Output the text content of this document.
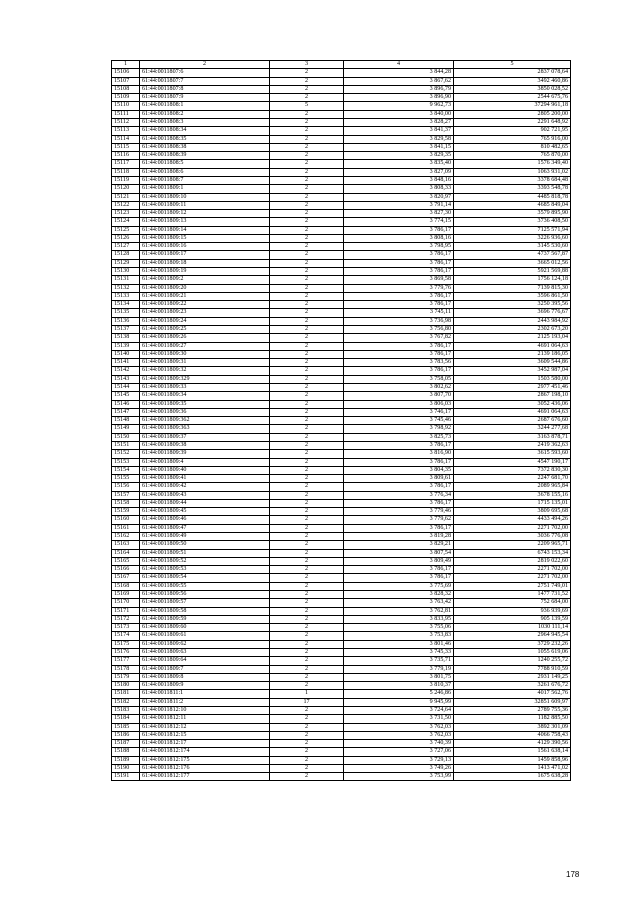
1	2	3	4	5
15106	61:44:0011807:6	2	3 844,28	2837 078,64
15107	61:44:0011807:7	2	3 867,62	3492 460,86
15108	61:44:0011807:8	2	3 896,79	3850 028,52
15109	61:44:0011807:9	2	3 896,90	2544 675,76
15110	61:44:0011808:1	5	9 962,73	37294 961,18
15111	61:44:0011808:2	2	3 840,00	2805 200,00
15112	61:44:0011808:3	2	3 828,27	2291 648,92
15113	61:44:0011808:34	2	3 841,37	902 721,95
15114	61:44:0011808:35	2	3 829,58	765 916,00
15115	61:44:0011808:38	2	3 841,15	810 482,65
15116	61:44:0011808:39	2	3 829,35	765 870,00
15117	61:44:0011808:5	2	3 835,40	1576 349,40
15118	61:44:0011808:6	2	3 827,09	1063 931,02
15119	61:44:0011808:7	2	3 848,16	3378 684,48
15120	61:44:0011809:1	2	3 808,33	3393 548,78
15121	61:44:0011809:10	2	3 820,97	4485 818,78
15122	61:44:0011809:11	2	3 791,14	4685 849,04
15123	61:44:0011809:12	2	3 827,30	3579 895,90
15124	61:44:0011809:13	2	3 774,15	3736 408,50
15125	61:44:0011809:14	2	3 786,17	7125 571,94
15126	61:44:0011809:15	2	3 808,16	3226 936,60
15127	61:44:0011809:16	2	3 798,95	3145 530,60
15128	61:44:0011809:17	2	3 786,17	4737 567,87
15129	61:44:0011809:18	2	3 786,17	3665 012,56
15130	61:44:0011809:19	2	3 786,17	5921 569,88
15131	61:44:0011809:2	2	3 869,58	1756 124,18
15132	61:44:0011809:20	2	3 779,76	7139 815,30
15133	61:44:0011809:21	2	3 786,17	3596 861,50
15134	61:44:0011809:22	2	3 786,17	3250 395,56
15135	61:44:0011809:23	2	3 745,11	3696 776,67
15136	61:44:0011809:24	2	3 736,98	2443 984,92
15137	61:44:0011809:25	2	3 756,80	2302 673,20
15138	61:44:0011809:26	2	3 767,82	2125 193,04
15139	61:44:0011809:27	2	3 786,17	4691 064,63
15140	61:44:0011809:30	2	3 786,17	2139 186,05
15141	61:44:0011809:31	2	3 783,56	3609 544,86
15142	61:44:0011809:32	2	3 786,17	3452 987,04
15143	61:44:0011809:329	2	3 758,05	1503 580,00
15144	61:44:0011809:33	2	3 802,62	2977 451,46
15145	61:44:0011809:34	2	3 807,70	2867 198,10
15146	61:44:0011809:35	2	3 806,03	3052 436,06
15147	61:44:0011809:36	2	3 746,17	4691 064,63
15148	61:44:0011809:362	2	3 745,46	2687 676,60
15149	61:44:0011809:363	2	3 798,92	3244 277,68
15150	61:44:0011809:37	2	3 825,73	3163 878,71
15151	61:44:0011809:38	2	3 786,17	2419 362,63
15152	61:44:0011809:39	2	3 816,90	3615 593,60
15153	61:44:0011809:4	2	3 786,17	4547 190,17
15154	61:44:0011809:40	2	3 804,35	7372 830,30
15155	61:44:0011809:41	2	3 809,61	2247 681,70
15156	61:44:0011809:42	2	3 786,17	2089 965,84
15157	61:44:0011809:43	2	3 776,34	3678 155,16
15158	61:44:0011809:44	2	3 786,17	1715 135,01
15159	61:44:0011809:45	2	3 779,46	3809 695,68
15160	61:44:0011809:46	2	3 779,62	4433 494,26
15161	61:44:0011809:47	2	3 786,17	2271 702,00
15162	61:44:0011809:49	2	3 819,28	3036 776,08
15163	61:44:0011809:50	2	3 829,21	2209 965,71
15164	61:44:0011809:51	2	3 807,54	6743 153,34
15165	61:44:0011809:52	2	3 809,49	2819 022,60
15166	61:44:0011809:53	2	3 786,17	2271 702,00
15167	61:44:0011809:54	2	3 786,17	2271 702,00
15168	61:44:0011809:55	2	3 775,69	2751 749,01
15169	61:44:0011809:56	2	3 828,32	1477 731,52
15170	61:44:0011809:57	2	3 763,42	752 684,00
15171	61:44:0011809:58	2	3 762,81	936 939,69
15172	61:44:0011809:59	2	3 833,95	905 139,59
15173	61:44:0011809:60	2	3 755,06	1030 111,14
15174	61:44:0011809:61	2	3 753,83	2964 945,54
15175	61:44:0011809:62	2	3 801,46	3729 232,26
15176	61:44:0011809:63	2	3 745,33	1055 619,06
15177	61:44:0011809:64	2	3 735,71	1240 255,72
15178	61:44:0011809:7	2	3 779,19	7788 910,59
15179	61:44:0011809:8	2	3 801,75	2931 149,25
15180	61:44:0011809:9	2	3 810,37	3261 676,72
15181	61:44:0011811:1	1	5 246,86	4017 562,76
15182	61:44:0011811:2	17	9 945,99	32851 609,97
15183	61:44:0011812:10	2	3 724,64	2789 755,36
15184	61:44:0011812:11	2	3 731,50	1182 885,50
15185	61:44:0011812:12	2	3 762,03	3892 301,09
15186	61:44:0011812:15	2	3 762,03	4066 758,43
15187	61:44:0011812:17	2	3 740,39	4129 390,56
15188	61:44:0011812:174	2	3 727,06	1561 638,14
15189	61:44:0011812:175	2	3 729,13	1459 858,96
15190	61:44:0011812:176	2	3 749,26	1413 471,02
15191	61:44:0011812:177	2	3 753,99	1675 638,28
178
